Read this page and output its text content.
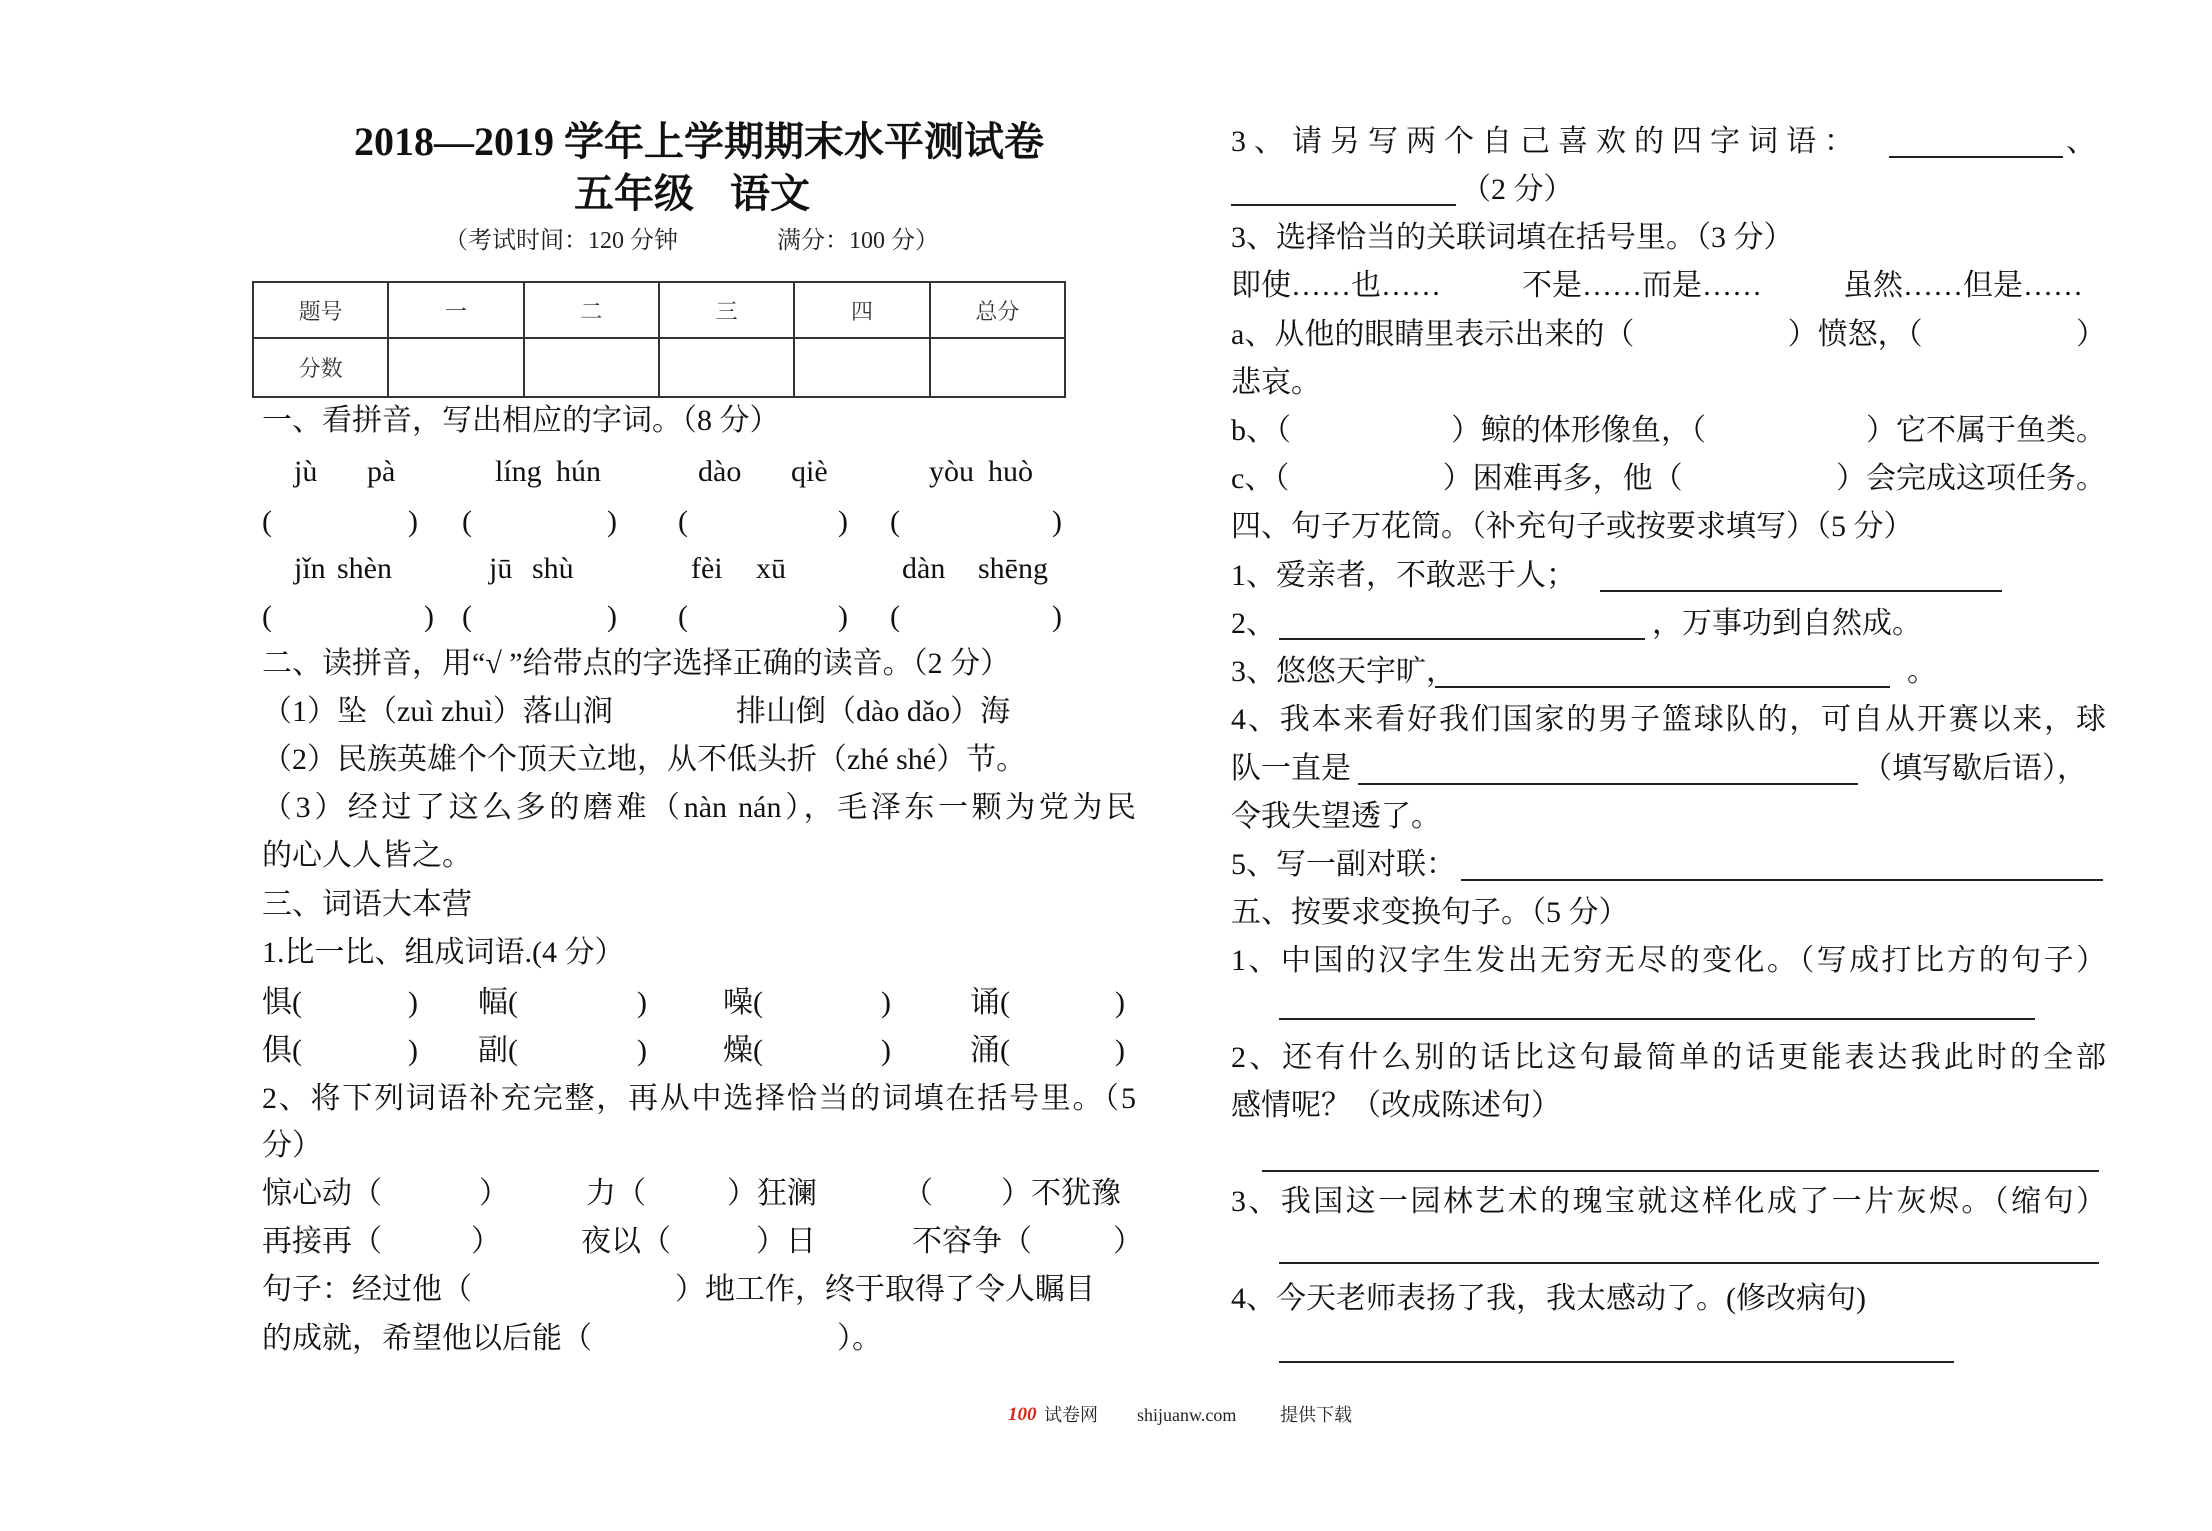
2018—2019 学年上学期期末水平测试卷
五年级 语文
（考试时间：120 分钟	满分：100 分）
题号	一	二	三	四	总分
分数					
一、看拼音，写出相应的字词。（8 分）
jù pà	líng hún	dào qiè	yòu huò
(	) (	) (	) (	)
jǐn shèn	jū shù	fèi xū	dàn shēng
(	) (	) (	) (	)
二、读拼音，用“√ ”给带点的字选择正确的读音。（2 分）
（1）坠（zuì zhuì）落山涧	排山倒（dào dǎo）海
（2）民族英雄个个顶天立地，从不低头折（zhé shé）节。
（3）经过了这么多的磨难（nàn nán），毛泽东一颗为党为民
的心人人皆之。
三、词语大本营
1.比一比、组成词语.(4 分）
惧(	) 幅(	)	噪(	)	诵(	)
俱(	) 副(	)	燥(	)	涌(	)
2、将下列词语补充完整，再从中选择恰当的词填在括号里。（5
分）
惊心动（	）	力（	）狂澜	（ ）不犹豫
再接再（	）	夜以（	）日	不容争（	）
句子：经过他（	）地工作，终于取得了令人瞩目
的成就，希望他以后能（	）。
3、请另写两个自己喜欢的四字词语：	、
（2 分）
3、选择恰当的关联词填在括号里。（3 分）
即使……也……	不是……而是……	虽然……但是……
a、从他的眼睛里表示出来的（	）愤怒，（	）
悲哀。
b、（	）鲸的体形像鱼，（	）它不属于鱼类。
c、（	）困难再多，他（	）会完成这项任务。
四、句子万花筒。（补充句子或按要求填写）（5 分）
1、爱亲者，不敢恶于人；
2、	，万事功到自然成。
3、悠悠天宇旷，	。
4、我本来看好我们国家的男子篮球队的，可自从开赛以来，球
队一直是	（填写歇后语），
令我失望透了。
5、写一副对联：
五、按要求变换句子。（5 分）
1、中国的汉字生发出无穷无尽的变化。（写成打比方的句子）
2、还有什么别的话比这句最简单的话更能表达我此时的全部
感情呢？（改成陈述句）
3、我国这一园林艺术的瑰宝就这样化成了一片灰烬。（缩句）
4、今天老师表扬了我，我太感动了。(修改病句)
100 试卷网 shijuanw.com 提供下载
